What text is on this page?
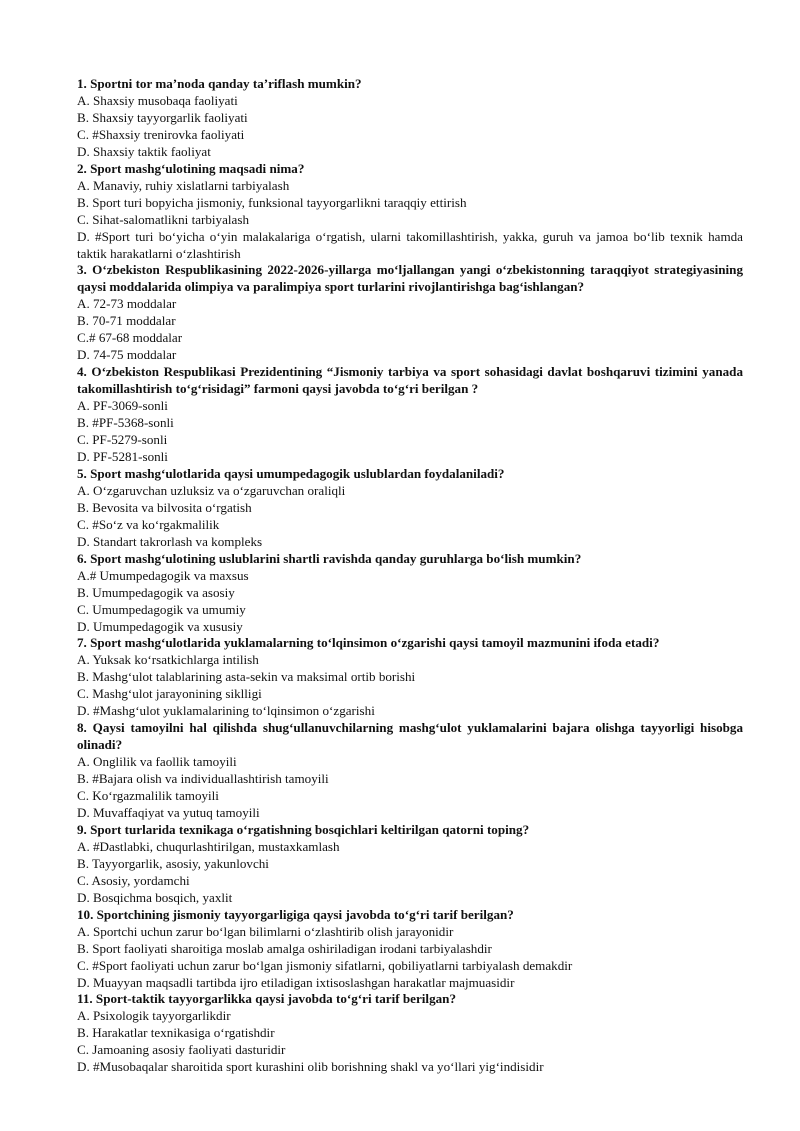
1. Sportni tor ma’noda qanday ta’riflash mumkin?

A. Shaxsiy musobaqa faoliyati

B. Shaxsiy tayyorgarlik faoliyati

C. #Shaxsiy trenirovka faoliyati

D. Shaxsiy taktik faoliyat

2. Sport mashg‘ulotining maqsadi nima?

A. Manaviy, ruhiy xislatlarni tarbiyalash

B. Sport turi bopyicha jismoniy, funksional tayyorgarlikni taraqqiy ettirish

C. Sihat-salomatlikni tarbiyalash

D. #Sport turi bo‘yicha o‘yin malakalariga o‘rgatish, ularni takomillashtirish, yakka, guruh va jamoa bo‘lib texnik hamda taktik harakatlarni o‘zlashtirish

3. O‘zbekiston Respublikasining 2022-2026-yillarga mo‘ljallangan yangi o‘zbekistonning taraqqiyot strategiyasining qaysi moddalarida olimpiya va paralimpiya sport turlarini rivojlantirishga bag‘ishlangan?

A. 72-73 moddalar

B. 70-71 moddalar

C.# 67-68 moddalar

D. 74-75 moddalar

4. O‘zbekiston Respublikasi Prezidentining “Jismoniy tarbiya va sport sohasidagi davlat boshqaruvi tizimini yanada takomillashtirish to‘g‘risidagi” farmoni qaysi javobda to‘g‘ri berilgan ?

A. PF-3069-sonli

B. #PF-5368-sonli

C. PF-5279-sonli

D. PF-5281-sonli

5. Sport mashg‘ulotlarida qaysi umumpedagogik uslublardan foydalaniladi?

A. O‘zgaruvchan uzluksiz va o‘zgaruvchan oraliqli

B. Bevosita va bilvosita o‘rgatish

C. #So‘z va ko‘rgakmalilik

D. Standart takrorlash va kompleks

6. Sport mashg‘ulotining uslublarini shartli ravishda qanday guruhlarga bo‘lish mumkin?

A.# Umumpedagogik va maxsus

B. Umumpedagogik va asosiy

C. Umumpedagogik va umumiy

D. Umumpedagogik va xususiy

7. Sport mashg‘ulotlarida yuklamalarning to‘lqinsimon o‘zgarishi qaysi tamoyil mazmunini ifoda etadi?

A. Yuksak ko‘rsatkichlarga intilish

B. Mashg‘ulot talablarining asta-sekin va maksimal ortib borishi

C. Mashg‘ulot jarayonining siklligi

D. #Mashg‘ulot yuklamalarining to‘lqinsimon o‘zgarishi

8. Qaysi tamoyilni hal qilishda shug‘ullanuvchilarning mashg‘ulot yuklamalarini bajara olishga tayyorligi hisobga olinadi?

A. Onglilik va faollik tamoyili

B. #Bajara olish va individuallashtirish tamoyili

C. Ko‘rgazmalilik tamoyili

D. Muvaffaqiyat va yutuq tamoyili

9. Sport turlarida texnikaga o‘rgatishning bosqichlari keltirilgan qatorni toping?

A. #Dastlabki, chuqurlashtirilgan, mustaxkamlash

B. Tayyorgarlik, asosiy, yakunlovchi

C. Asosiy, yordamchi

D. Bosqichma bosqich, yaxlit

10. Sportchining jismoniy tayyorgarligiga qaysi javobda to‘g‘ri tarif berilgan?

A. Sportchi uchun zarur bo‘lgan bilimlarni o‘zlashtirib olish jarayonidir

B. Sport faoliyati sharoitiga moslab amalga oshiriladigan irodani tarbiyalashdir

C. #Sport faoliyati uchun zarur bo‘lgan jismoniy sifatlarni, qobiliyatlarni tarbiyalash demakdir

D. Muayyan maqsadli tartibda ijro etiladigan ixtisoslashgan harakatlar majmuasidir

11. Sport-taktik tayyorgarlikka qaysi javobda to‘g‘ri tarif berilgan?

A. Psixologik tayyorgarlikdir

B. Harakatlar texnikasiga o‘rgatishdir

C. Jamoaning asosiy faoliyati dasturidir

D. #Musobaqalar sharoitida sport kurashini olib borishning shakl va yo‘llari yig‘indisidir
